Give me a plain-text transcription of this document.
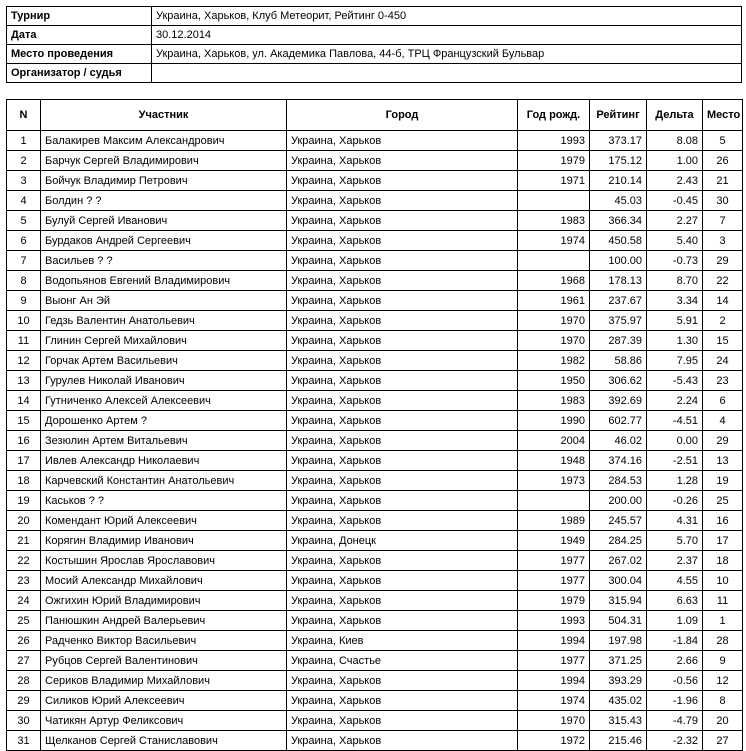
Турнир	Украина, Харьков, Клуб Метеорит, Рейтинг 0-450
Дата	30.12.2014
Место проведения	Украина, Харьков, ул. Академика Павлова, 44-б, ТРЦ Французский Бульвар
Организатор / судья	
N	Участник	Город	Год рожд.	Рейтинг	Дельта	Место
1	Балакирев Максим Александрович	Украина, Харьков	1993	373.17	8.08	5
2	Барчук Сергей Владимирович	Украина, Харьков	1979	175.12	1.00	26
3	Бойчук Владимир Петрович	Украина, Харьков	1971	210.14	2.43	21
4	Болдин ? ?	Украина, Харьков		45.03	-0.45	30
5	Булуй Сергей Иванович	Украина, Харьков	1983	366.34	2.27	7
6	Бурдаков Андрей Сергеевич	Украина, Харьков	1974	450.58	5.40	3
7	Васильев ? ?	Украина, Харьков		100.00	-0.73	29
8	Водопьянов Евгений Владимирович	Украина, Харьков	1968	178.13	8.70	22
9	Выонг Ан Эй	Украина, Харьков	1961	237.67	3.34	14
10	Гедзь Валентин Анатольевич	Украина, Харьков	1970	375.97	5.91	2
11	Глинин Сергей Михайлович	Украина, Харьков	1970	287.39	1.30	15
12	Горчак Артем Васильевич	Украина, Харьков	1982	58.86	7.95	24
13	Гурулев Николай Иванович	Украина, Харьков	1950	306.62	-5.43	23
14	Гутниченко Алексей Алексеевич	Украина, Харьков	1983	392.69	2.24	6
15	Дорошенко Артем ?	Украина, Харьков	1990	602.77	-4.51	4
16	Зезюлин Артем Витальевич	Украина, Харьков	2004	46.02	0.00	29
17	Ивлев Александр Николаевич	Украина, Харьков	1948	374.16	-2.51	13
18	Карчевский Константин Анатольевич	Украина, Харьков	1973	284.53	1.28	19
19	Каськов ? ?	Украина, Харьков		200.00	-0.26	25
20	Комендант Юрий Алексеевич	Украина, Харьков	1989	245.57	4.31	16
21	Корягин Владимир Иванович	Украина, Донецк	1949	284.25	5.70	17
22	Костышин Ярослав Ярославович	Украина, Харьков	1977	267.02	2.37	18
23	Мосий Александр Михайлович	Украина, Харьков	1977	300.04	4.55	10
24	Ожгихин Юрий Владимирович	Украина, Харьков	1979	315.94	6.63	11
25	Панюшкин Андрей Валерьевич	Украина, Харьков	1993	504.31	1.09	1
26	Радченко Виктор Васильевич	Украина, Киев	1994	197.98	-1.84	28
27	Рубцов Сергей Валентинович	Украина, Счастье	1977	371.25	2.66	9
28	Сериков Владимир Михайлович	Украина, Харьков	1994	393.29	-0.56	12
29	Силиков Юрий Алексеевич	Украина, Харьков	1974	435.02	-1.96	8
30	Чатикян Артур Феликсович	Украина, Харьков	1970	315.43	-4.79	20
31	Щелканов Сергей Станиславович	Украина, Харьков	1972	215.46	-2.32	27
